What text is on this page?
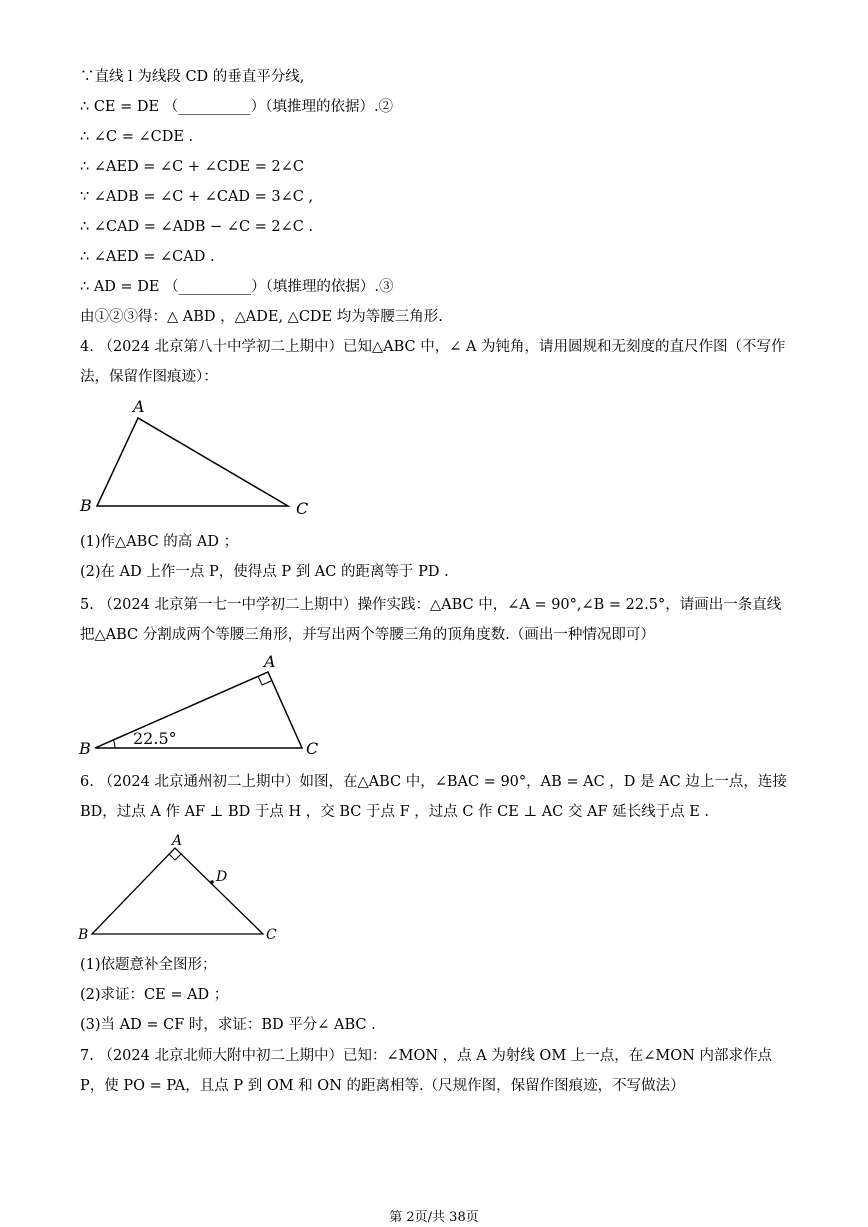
∵直线 l 为线段 CD 的垂直平分线,
∴ CE = DE （__________）（填推理的依据）.②
∴ ∠C = ∠CDE .
∴ ∠AED = ∠C + ∠CDE = 2∠C
∵ ∠ADB = ∠C + ∠CAD = 3∠C ,
∴ ∠CAD = ∠ADB − ∠C = 2∠C .
∴ ∠AED = ∠CAD .
∴ AD = DE （__________）（填推理的依据）.③
由①②③得：△ ABD ，△ADE, △CDE 均为等腰三角形.
4. （2024 北京第八十中学初二上期中）已知△ABC 中，∠ A 为钝角，请用圆规和无刻度的直尺作图（不写作法，保留作图痕迹）：
A
B	C
(1)作△ABC 的高 AD ；
(2)在 AD 上作一点 P，使得点 P 到 AC 的距离等于 PD .
5. （2024 北京第一七一中学初二上期中）操作实践：△ABC 中，∠A = 90°,∠B = 22.5°，请画出一条直线把△ABC 分割成两个等腰三角形，并写出两个等腰三角的顶角度数.（画出一种情况即可）
A
B	C
22.5°
6. （2024 北京通州初二上期中）如图，在△ABC 中，∠BAC = 90°，AB = AC ，D 是 AC 边上一点，连接 BD，过点 A 作 AF ⊥ BD 于点 H ，交 BC 于点 F ，过点 C 作 CE ⊥ AC 交 AF 延长线于点 E .
A
B	C
D
(1)依题意补全图形；
(2)求证：CE = AD ；
(3)当 AD = CF 时，求证：BD 平分∠ ABC .
7. （2024 北京北师大附中初二上期中）已知：∠MON ，点 A 为射线 OM 上一点，在∠MON 内部求作点 P，使 PO = PA，且点 P 到 OM 和 ON 的距离相等.（尺规作图，保留作图痕迹，不写做法）
第 2页/共 38页
